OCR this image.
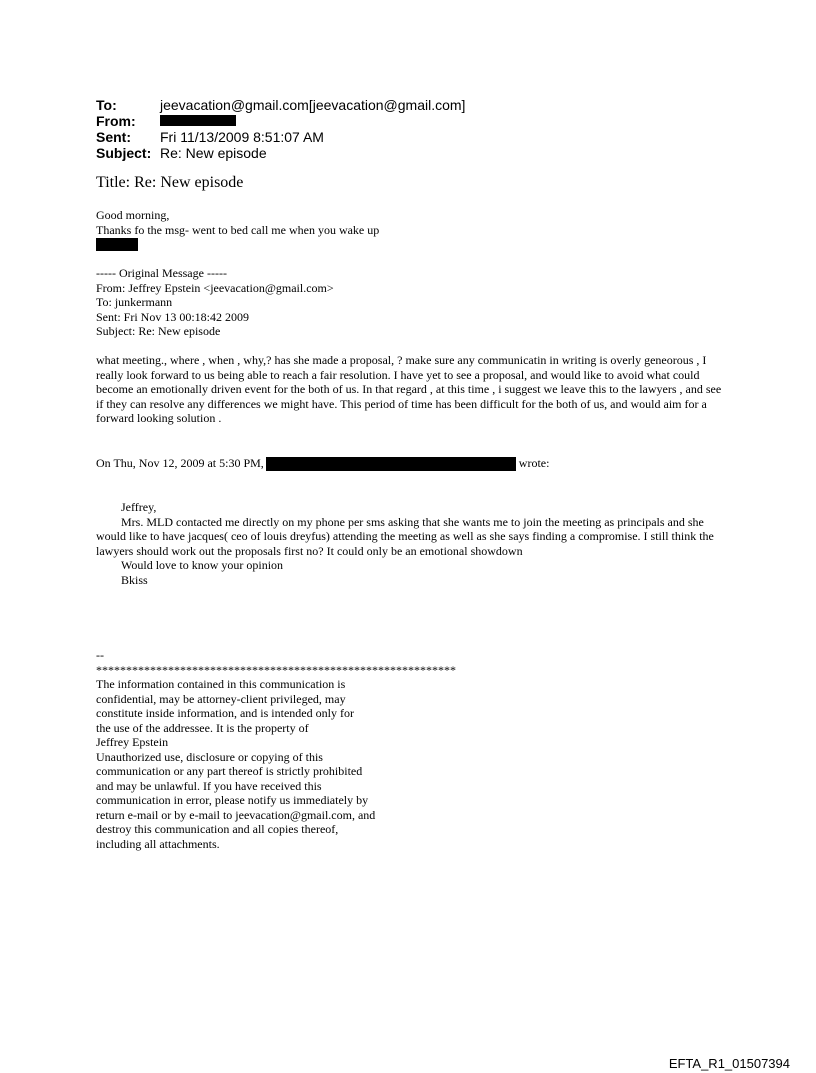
To:	jeevacation@gmail.com[jeevacation@gmail.com]
From:
Sent:	Fri 11/13/2009 8:51:07 AM
Subject: Re: New episode
Title: Re: New episode
Good morning,
Thanks fo the msg- went to bed call me when you wake up
----- Original Message -----
From: Jeffrey Epstein <jeevacation@gmail.com>
To: junkermann
Sent: Fri Nov 13 00:18:42 2009
Subject: Re: New episode

what meeting., where , when , why,? has she made a proposal, ? make sure any communicatin in writing is overly geneorous , I really look forward to us being able to reach a fair resolution. I have yet to see a proposal, and would like to avoid what could become an emotionally driven event for the both of us. In that regard , at this time , i suggest we leave this to the lawyers , and see if they can resolve any differences we might have. This period of time has been difficult for the both of us, and would aim for a forward looking solution .

On Thu, Nov 12, 2009 at 5:30 PM,	wrote:
Jeffrey,

Mrs. MLD contacted me directly on my phone per sms asking that she wants me to join the meeting as principals and she would like to have jacques( ceo of louis dreyfus) attending the meeting as well as she says finding a compromise. I still think the lawyers should work out the proposals first no? It could only be an emotional showdown

Would love to know your opinion
Bkiss
--
************************************************************
The information contained in this communication is
confidential, may be attorney-client privileged, may
constitute inside information, and is intended only for
the use of the addressee. It is the property of
Jeffrey Epstein
Unauthorized use, disclosure or copying of this
communication or any part thereof is strictly prohibited
and may be unlawful. If you have received this
communication in error, please notify us immediately by
return e-mail or by e-mail to jeevacation@gmail.com, and
destroy this communication and all copies thereof,
including all attachments.
EFTA_R1_01507394
